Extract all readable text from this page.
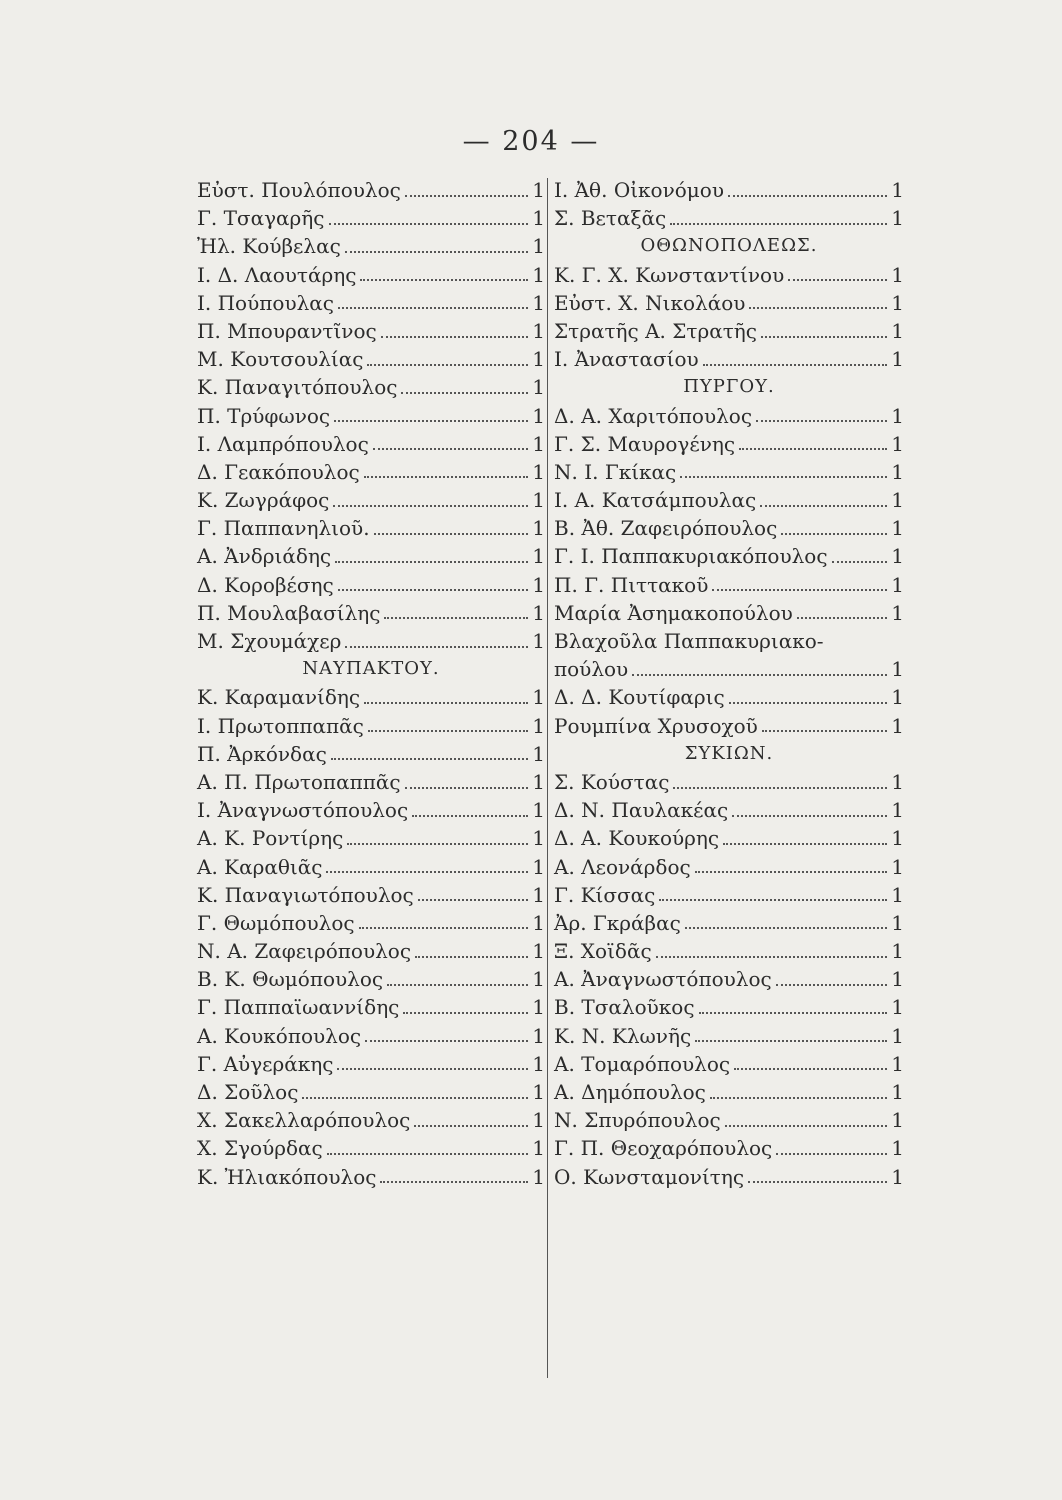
— 204 —
Εὐστ. Πουλόπουλος	1
Γ. Τσαγαρῆς	1
Ἠλ. Κούβελας	1
Ι. Δ. Λαουτάρης	1
Ι. Πούπουλας	1
Π. Μπουραντῖνος	1
Μ. Κουτσουλίας	1
Κ. Παναγιτόπουλος	1
Π. Τρύφωνος	1
Ι. Λαμπρόπουλος	1
Δ. Γεακόπουλος	1
Κ. Ζωγράφος	1
Γ. Παππανηλιοῦ.	1
Α. Ἀνδριάδης	1
Δ. Κοροβέσης	1
Π. Μουλαβασίλης	1
Μ. Σχουμάχερ	1
ΝΑΥΠΑΚΤΟΥ.
Κ. Καραμανίδης	1
Ι. Πρωτοππαπᾶς	1
Π. Ἀρκόνδας	1
Α. Π. Πρωτοπαππᾶς	1
Ι. Ἀναγνωστόπουλος	1
Α. Κ. Ροντίρης	1
Α. Καραθιᾶς	1
Κ. Παναγιωτόπουλος	1
Γ. Θωμόπουλος	1
Ν. Α. Ζαφειρόπουλος	1
Β. Κ. Θωμόπουλος	1
Γ. Παππαϊωαννίδης	1
Α. Κουκόπουλος	1
Γ. Αὐγεράκης	1
Δ. Σοῦλος	1
Χ. Σακελλαρόπουλος	1
Χ. Σγούρδας	1
Κ. Ἠλιακόπουλος	1
Ι. Ἀθ. Οἰκονόμου	1
Σ. Βεταξᾶς	1
ΟΘΩΝΟΠΟΛΕΩΣ.
Κ. Γ. Χ. Κωνσταντίνου	1
Εὐστ. Χ. Νικολάου	1
Στρατῆς Α. Στρατῆς	1
Ι. Ἀναστασίου	1
ΠΥΡΓΟΥ.
Δ. Α. Χαριτόπουλος	1
Γ. Σ. Μαυρογένης	1
Ν. Ι. Γκίκας	1
Ι. Α. Κατσάμπουλας	1
Β. Ἀθ. Ζαφειρόπουλος	1
Γ. Ι. Παππακυριακόπουλος	1
Π. Γ. Πιττακοῦ	1
Μαρία Ἀσημακοπούλου	1
Βλαχοῦλα Παππακυριακο-
πούλου	1
Δ. Δ. Κουτίφαρις	1
Ρουμπίνα Χρυσοχοῦ	1
ΣΥΚΙΩΝ.
Σ. Κούστας	1
Δ. Ν. Παυλακέας	1
Δ. Α. Κουκούρης	1
Α. Λεονάρδος	1
Γ. Κίσσας	1
Ἀρ. Γκράβας	1
Ξ. Χοϊδᾶς	1
Α. Ἀναγνωστόπουλος	1
Β. Τσαλοῦκος	1
Κ. Ν. Κλωνῆς	1
Α. Τομαρόπουλος	1
Α. Δημόπουλος	1
Ν. Σπυρόπουλος	1
Γ. Π. Θεοχαρόπουλος	1
Ο. Κωνσταμονίτης	1
